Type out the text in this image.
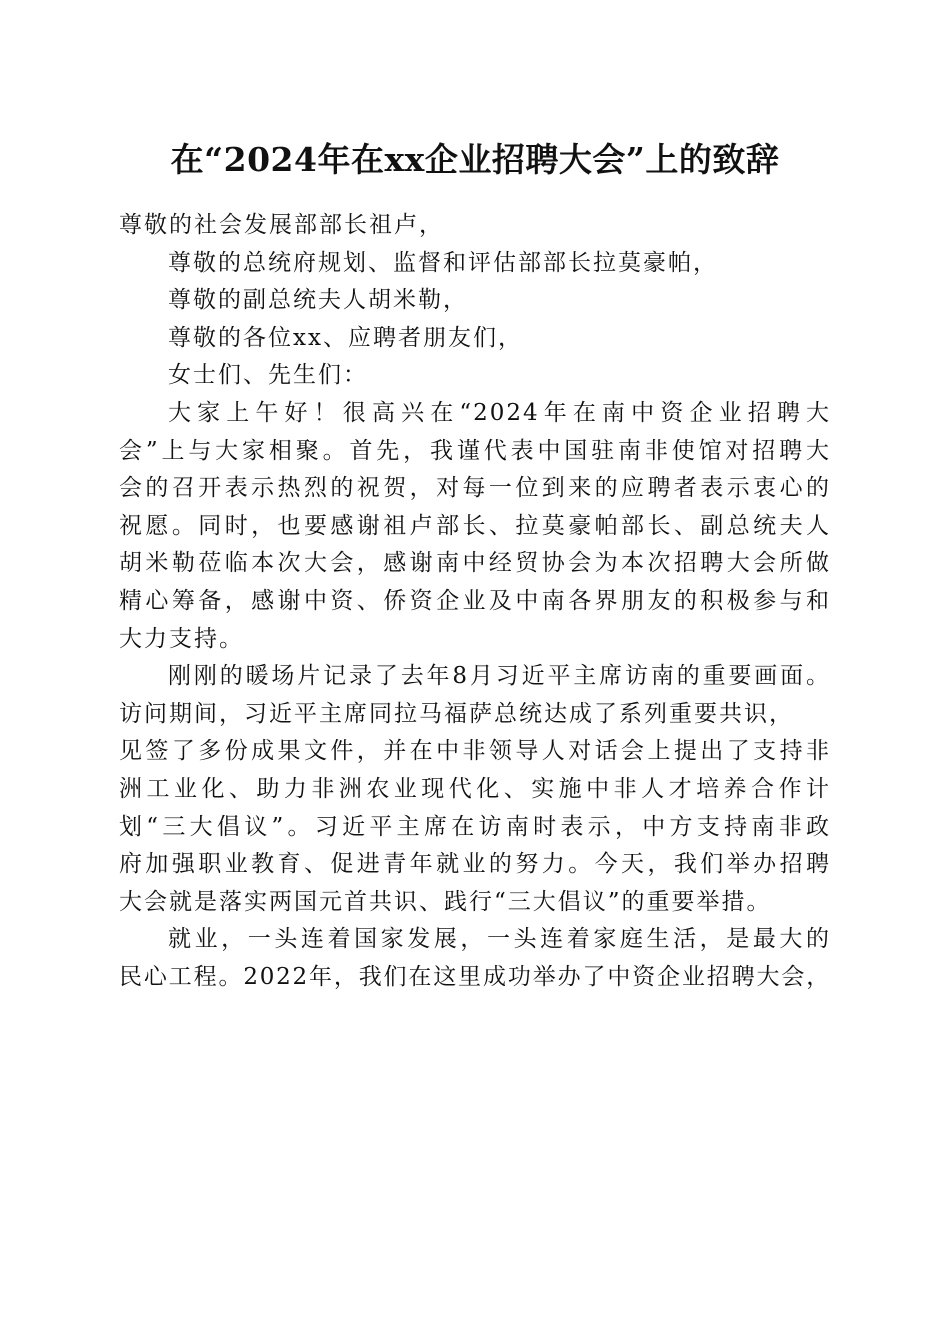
在“2024年在xx企业招聘大会”上的致辞
尊敬的社会发展部部长祖卢，
尊敬的总统府规划、监督和评估部部长拉莫豪帕，
尊敬的副总统夫人胡米勒，
尊敬的各位xx、应聘者朋友们，
女士们、先生们：
大家上午好！很高兴在“2024年在南中资企业招聘大
会”上与大家相聚。首先，我谨代表中国驻南非使馆对招聘大
会的召开表示热烈的祝贺，对每一位到来的应聘者表示衷心的
祝愿。同时，也要感谢祖卢部长、拉莫豪帕部长、副总统夫人
胡米勒莅临本次大会，感谢南中经贸协会为本次招聘大会所做
精心筹备，感谢中资、侨资企业及中南各界朋友的积极参与和
大力支持。
刚刚的暖场片记录了去年8月习近平主席访南的重要画面。
访问期间，习近平主席同拉马福萨总统达成了系列重要共识，
见签了多份成果文件，并在中非领导人对话会上提出了支持非
洲工业化、助力非洲农业现代化、实施中非人才培养合作计
划“三大倡议”。习近平主席在访南时表示，中方支持南非政
府加强职业教育、促进青年就业的努力。今天，我们举办招聘
大会就是落实两国元首共识、践行“三大倡议”的重要举措。
就业，一头连着国家发展，一头连着家庭生活，是最大的
民心工程。2022年，我们在这里成功举办了中资企业招聘大会，
